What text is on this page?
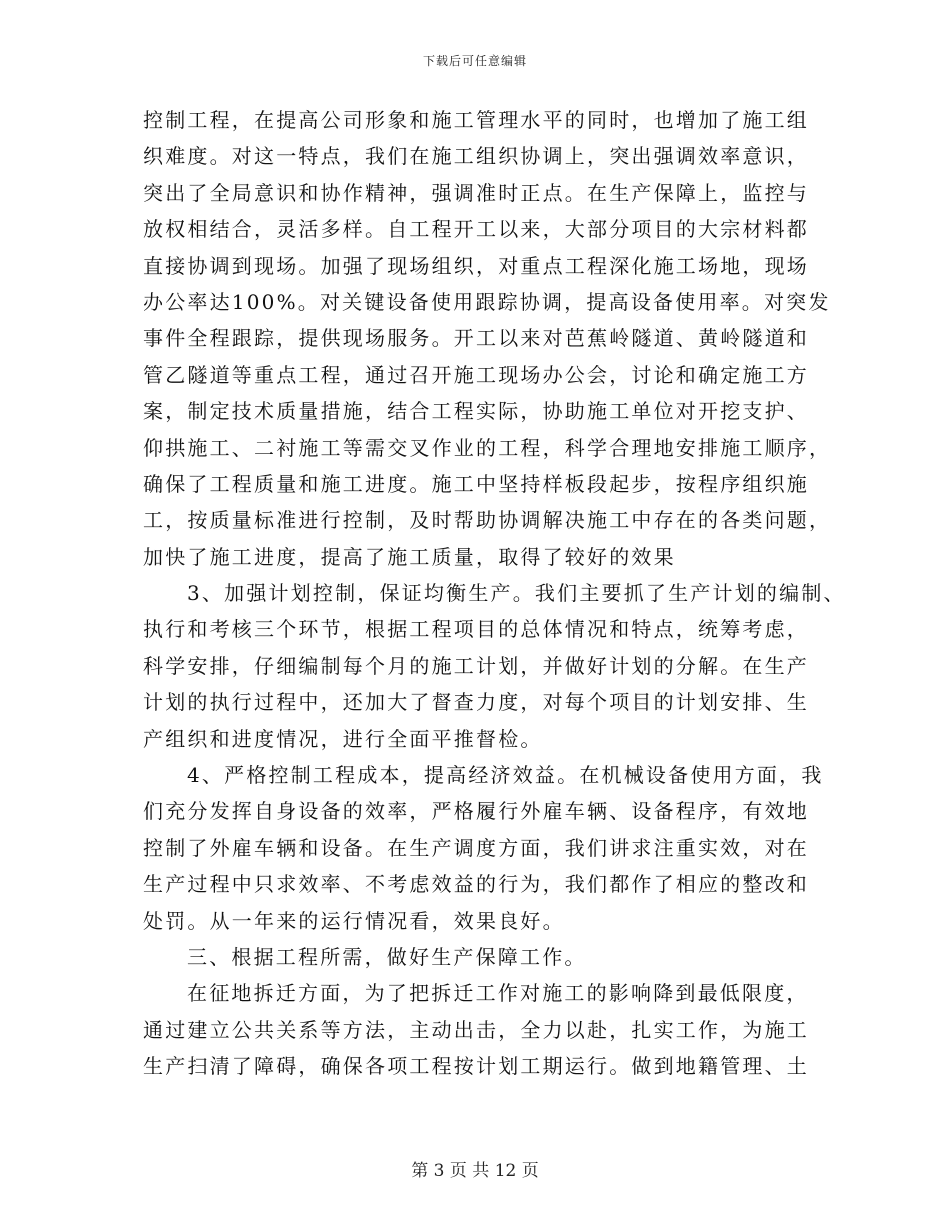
下载后可任意编辑
控制工程，在提高公司形象和施工管理水平的同时，也增加了施工组
织难度。对这一特点，我们在施工组织协调上，突出强调效率意识，
突出了全局意识和协作精神，强调准时正点。在生产保障上，监控与
放权相结合，灵活多样。自工程开工以来，大部分项目的大宗材料都
直接协调到现场。加强了现场组织，对重点工程深化施工场地，现场
办公率达100%。对关键设备使用跟踪协调，提高设备使用率。对突发
事件全程跟踪，提供现场服务。开工以来对芭蕉岭隧道、黄岭隧道和
管乙隧道等重点工程，通过召开施工现场办公会，讨论和确定施工方
案，制定技术质量措施，结合工程实际，协助施工单位对开挖支护、
仰拱施工、二衬施工等需交叉作业的工程，科学合理地安排施工顺序，
确保了工程质量和施工进度。施工中坚持样板段起步，按程序组织施
工，按质量标准进行控制，及时帮助协调解决施工中存在的各类问题，
加快了施工进度，提高了施工质量，取得了较好的效果
3、加强计划控制，保证均衡生产。我们主要抓了生产计划的编制、
执行和考核三个环节，根据工程项目的总体情况和特点，统筹考虑，
科学安排，仔细编制每个月的施工计划，并做好计划的分解。在生产
计划的执行过程中，还加大了督查力度，对每个项目的计划安排、生
产组织和进度情况，进行全面平推督检。
4、严格控制工程成本，提高经济效益。在机械设备使用方面，我
们充分发挥自身设备的效率，严格履行外雇车辆、设备程序，有效地
控制了外雇车辆和设备。在生产调度方面，我们讲求注重实效，对在
生产过程中只求效率、不考虑效益的行为，我们都作了相应的整改和
处罚。从一年来的运行情况看，效果良好。
三、根据工程所需，做好生产保障工作。
在征地拆迁方面，为了把拆迁工作对施工的影响降到最低限度，
通过建立公共关系等方法，主动出击，全力以赴，扎实工作，为施工
生产扫清了障碍，确保各项工程按计划工期运行。做到地籍管理、土
第 3 页 共 12 页
